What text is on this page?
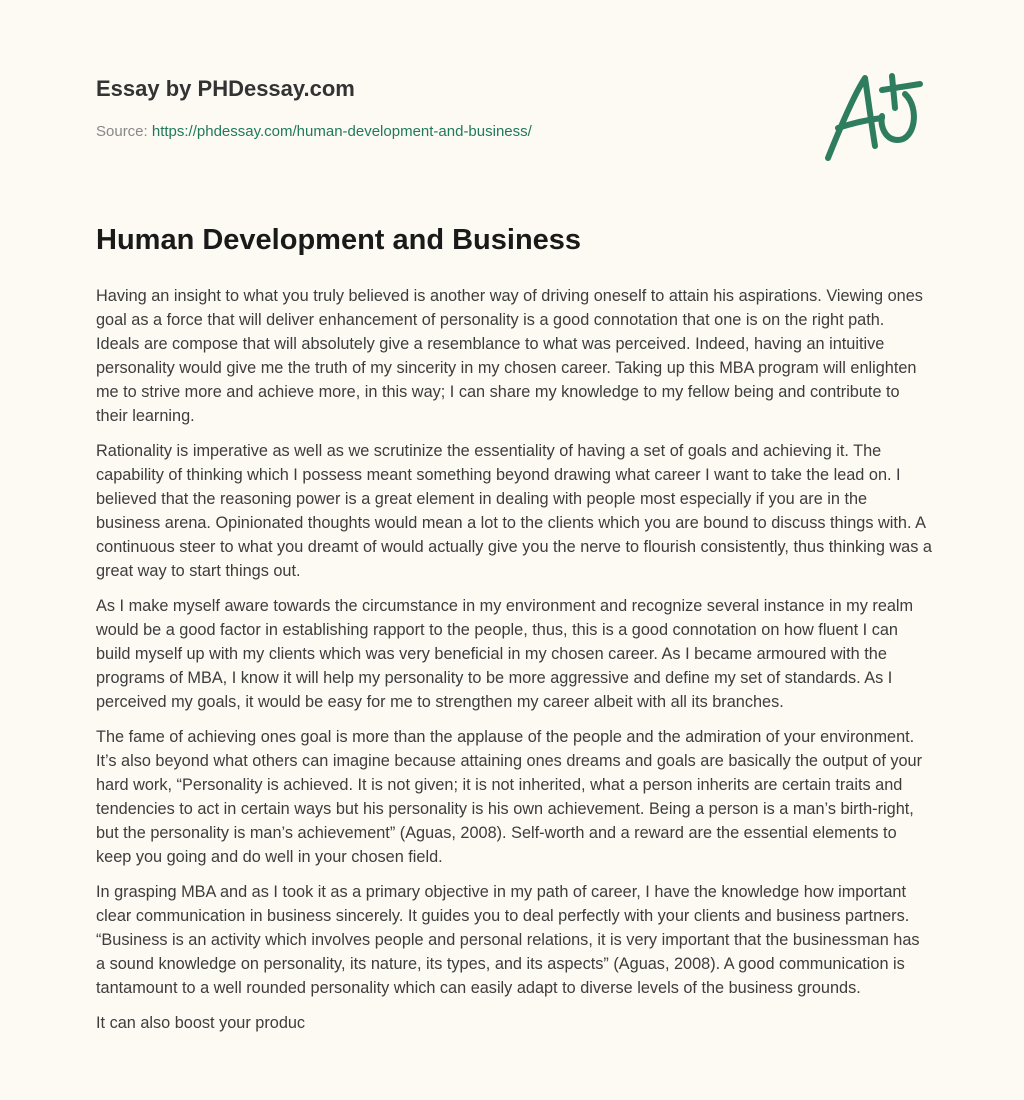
Essay by PHDessay.com
Source: https://phdessay.com/human-development-and-business/
Human Development and Business

Having an insight to what you truly believed is another way of driving oneself to attain his aspirations. Viewing ones goal as a force that will deliver enhancement of personality is a good connotation that one is on the right path. Ideals are compose that will absolutely give a resemblance to what was perceived. Indeed, having an intuitive personality would give me the truth of my sincerity in my chosen career. Taking up this MBA program will enlighten me to strive more and achieve more, in this way; I can share my knowledge to my fellow being and contribute to their learning.

Rationality is imperative as well as we scrutinize the essentiality of having a set of goals and achieving it. The capability of thinking which I possess meant something beyond drawing what career I want to take the lead on. I believed that the reasoning power is a great element in dealing with people most especially if you are in the business arena. Opinionated thoughts would mean a lot to the clients which you are bound to discuss things with. A continuous steer to what you dreamt of would actually give you the nerve to flourish consistently, thus thinking was a great way to start things out.

As I make myself aware towards the circumstance in my environment and recognize several instance in my realm would be a good factor in establishing rapport to the people, thus, this is a good connotation on how fluent I can build myself up with my clients which was very beneficial in my chosen career. As I became armoured with the programs of MBA, I know it will help my personality to be more aggressive and define my set of standards. As I perceived my goals, it would be easy for me to strengthen my career albeit with all its branches.

The fame of achieving ones goal is more than the applause of the people and the admiration of your environment. It’s also beyond what others can imagine because attaining ones dreams and goals are basically the output of your hard work, “Personality is achieved. It is not given; it is not inherited, what a person inherits are certain traits and tendencies to act in certain ways but his personality is his own achievement. Being a person is a man’s birth-right, but the personality is man’s achievement” (Aguas, 2008). Self-worth and a reward are the essential elements to keep you going and do well in your chosen field.

In grasping MBA and as I took it as a primary objective in my path of career, I have the knowledge how important clear communication in business sincerely. It guides you to deal perfectly with your clients and business partners. “Business is an activity which involves people and personal relations, it is very important that the businessman has a sound knowledge on personality, its nature, its types, and its aspects” (Aguas, 2008). A good communication is tantamount to a well rounded personality which can easily adapt to diverse levels of the business grounds.

It can also boost your produc
